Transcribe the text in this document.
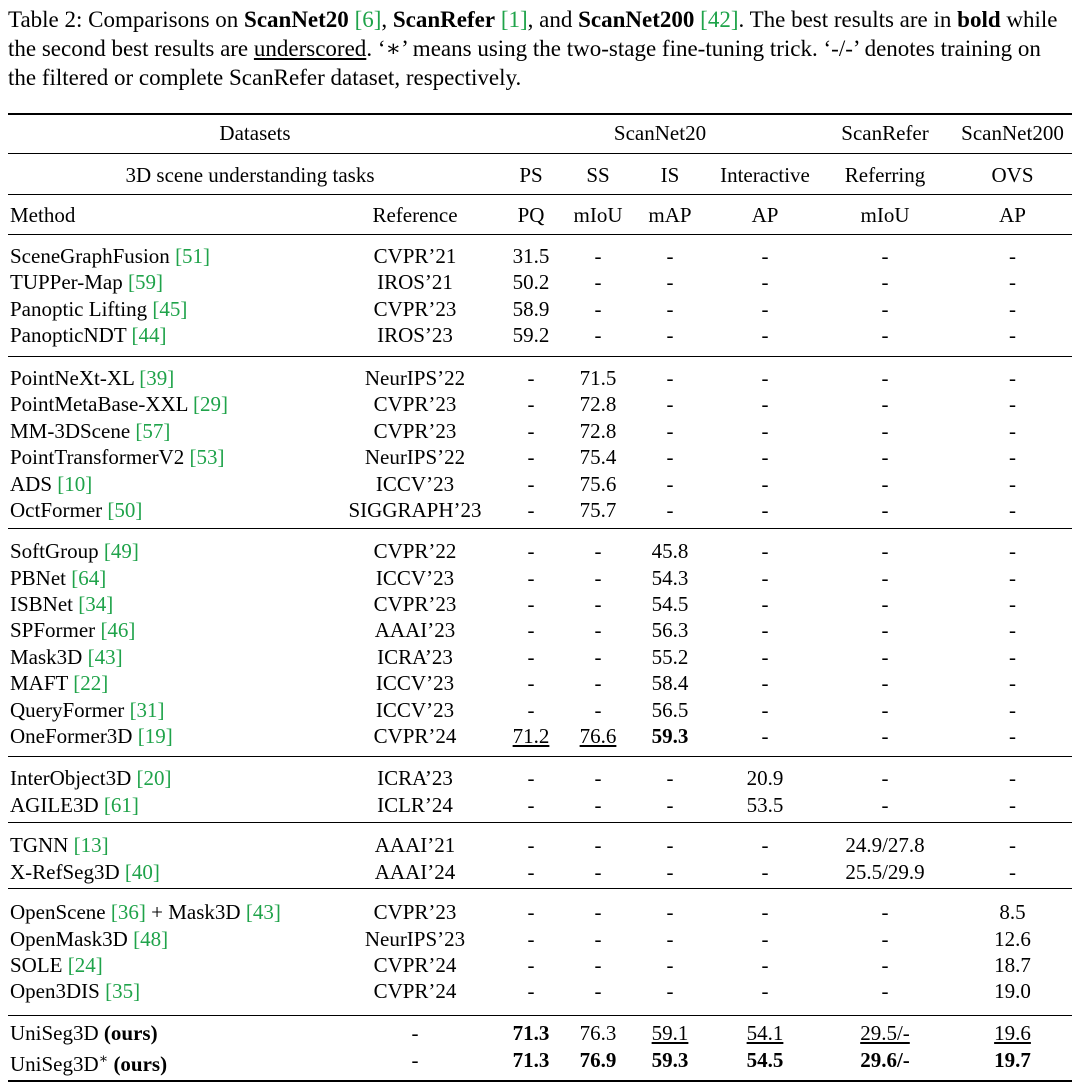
Table 2: Comparisons on ScanNet20 [6], ScanRefer [1], and ScanNet200 [42]. The best results are in bold while the second best results are underscored. ‘∗’ means using the two-stage fine-tuning trick. ‘-/-’ denotes training on the filtered or complete ScanRefer dataset, respectively.
Datasets	ScanNet20	ScanRefer	ScanNet200
3D scene understanding tasks	PS	SS	IS	Interactive	Referring	OVS
Method	Reference	PQ	mIoU	mAP	AP	mIoU	AP
SceneGraphFusion [51]	CVPR’21	31.5	-	-	-	-	-
TUPPer-Map [59]	IROS’21	50.2	-	-	-	-	-
Panoptic Lifting [45]	CVPR’23	58.9	-	-	-	-	-
PanopticNDT [44]	IROS’23	59.2	-	-	-	-	-
PointNeXt-XL [39]	NeurIPS’22	-	71.5	-	-	-	-
PointMetaBase-XXL [29]	CVPR’23	-	72.8	-	-	-	-
MM-3DScene [57]	CVPR’23	-	72.8	-	-	-	-
PointTransformerV2 [53]	NeurIPS’22	-	75.4	-	-	-	-
ADS [10]	ICCV’23	-	75.6	-	-	-	-
OctFormer [50]	SIGGRAPH’23	-	75.7	-	-	-	-
SoftGroup [49]	CVPR’22	-	-	45.8	-	-	-
PBNet [64]	ICCV’23	-	-	54.3	-	-	-
ISBNet [34]	CVPR’23	-	-	54.5	-	-	-
SPFormer [46]	AAAI’23	-	-	56.3	-	-	-
Mask3D [43]	ICRA’23	-	-	55.2	-	-	-
MAFT [22]	ICCV’23	-	-	58.4	-	-	-
QueryFormer [31]	ICCV’23	-	-	56.5	-	-	-
OneFormer3D [19]	CVPR’24	71.2	76.6	59.3	-	-	-
InterObject3D [20]	ICRA’23	-	-	-	20.9	-	-
AGILE3D [61]	ICLR’24	-	-	-	53.5	-	-
TGNN [13]	AAAI’21	-	-	-	-	24.9/27.8	-
X-RefSeg3D [40]	AAAI’24	-	-	-	-	25.5/29.9	-
OpenScene [36] + Mask3D [43]	CVPR’23	-	-	-	-	-	8.5
OpenMask3D [48]	NeurIPS’23	-	-	-	-	-	12.6
SOLE [24]	CVPR’24	-	-	-	-	-	18.7
Open3DIS [35]	CVPR’24	-	-	-	-	-	19.0
UniSeg3D (ours)	-	71.3	76.3	59.1	54.1	29.5/-	19.6
UniSeg3D∗ (ours)	-	71.3	76.9	59.3	54.5	29.6/-	19.7
